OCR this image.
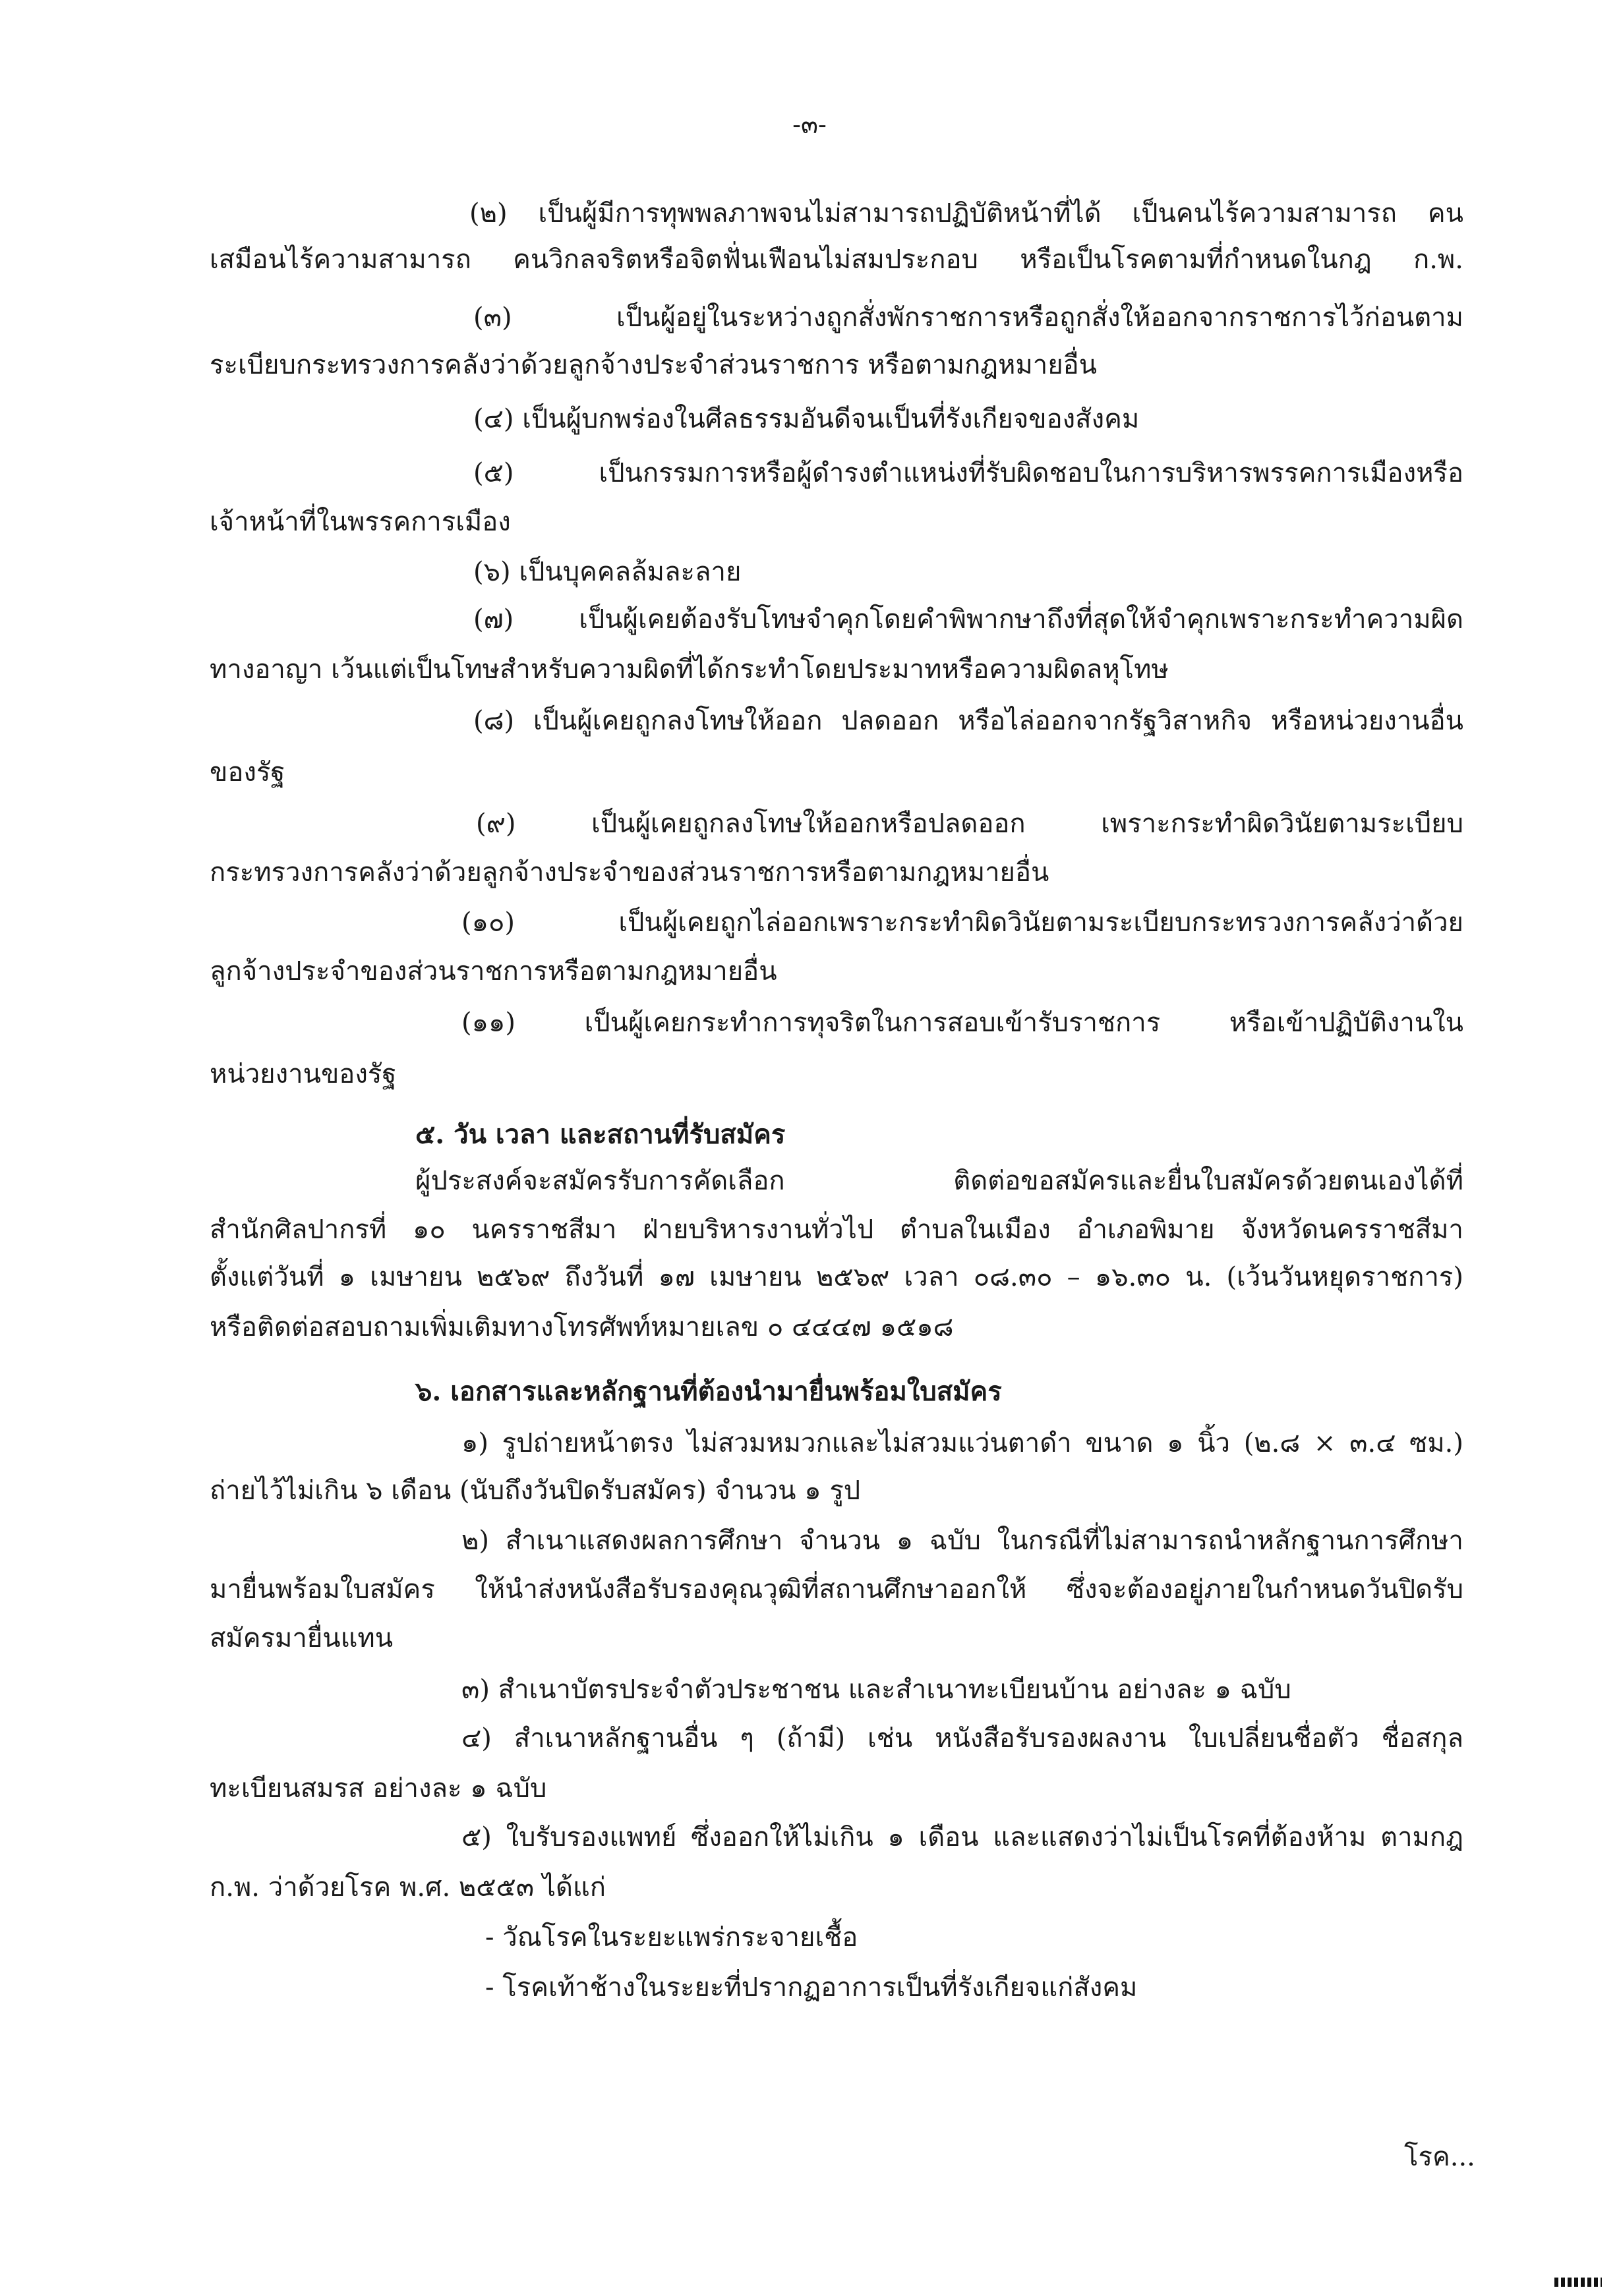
-๓-
(๒) เป็นผู้มีการทุพพลภาพจนไม่สามารถปฏิบัติหน้าที่ได้ เป็นคนไร้ความสามารถ คน
เสมือนไร้ความสามารถ คนวิกลจริตหรือจิตฟั่นเฟือนไม่สมประกอบ หรือเป็นโรคตามที่กำหนดในกฎ ก.พ.
(๓) เป็นผู้อยู่ในระหว่างถูกสั่งพักราชการหรือถูกสั่งให้ออกจากราชการไว้ก่อนตาม
ระเบียบกระทรวงการคลังว่าด้วยลูกจ้างประจำส่วนราชการ หรือตามกฎหมายอื่น
(๔) เป็นผู้บกพร่องในศีลธรรมอันดีจนเป็นที่รังเกียจของสังคม
(๕) เป็นกรรมการหรือผู้ดำรงตำแหน่งที่รับผิดชอบในการบริหารพรรคการเมืองหรือ
เจ้าหน้าที่ในพรรคการเมือง
(๖) เป็นบุคคลล้มละลาย
(๗) เป็นผู้เคยต้องรับโทษจำคุกโดยคำพิพากษาถึงที่สุดให้จำคุกเพราะกระทำความผิด
ทางอาญา เว้นแต่เป็นโทษสำหรับความผิดที่ได้กระทำโดยประมาทหรือความผิดลหุโทษ
(๘) เป็นผู้เคยถูกลงโทษให้ออก ปลดออก หรือไล่ออกจากรัฐวิสาหกิจ หรือหน่วยงานอื่น
ของรัฐ
(๙) เป็นผู้เคยถูกลงโทษให้ออกหรือปลดออก เพราะกระทำผิดวินัยตามระเบียบ
กระทรวงการคลังว่าด้วยลูกจ้างประจำของส่วนราชการหรือตามกฎหมายอื่น
(๑๐) เป็นผู้เคยถูกไล่ออกเพราะกระทำผิดวินัยตามระเบียบกระทรวงการคลังว่าด้วย
ลูกจ้างประจำของส่วนราชการหรือตามกฎหมายอื่น
(๑๑) เป็นผู้เคยกระทำการทุจริตในการสอบเข้ารับราชการ หรือเข้าปฏิบัติงานใน
หน่วยงานของรัฐ
๕. วัน เวลา และสถานที่รับสมัคร
ผู้ประสงค์จะสมัครรับการคัดเลือก ติดต่อขอสมัครและยื่นใบสมัครด้วยตนเองได้ที่
สำนักศิลปากรที่ ๑๐ นครราชสีมา ฝ่ายบริหารงานทั่วไป ตำบลในเมือง อำเภอพิมาย จังหวัดนครราชสีมา
ตั้งแต่วันที่ ๑ เมษายน ๒๕๖๙ ถึงวันที่ ๑๗ เมษายน ๒๕๖๙ เวลา ๐๘.๓๐ – ๑๖.๓๐ น. (เว้นวันหยุดราชการ)
หรือติดต่อสอบถามเพิ่มเติมทางโทรศัพท์หมายเลข ๐ ๔๔๔๗ ๑๕๑๘
๖. เอกสารและหลักฐานที่ต้องนำมายื่นพร้อมใบสมัคร
๑) รูปถ่ายหน้าตรง ไม่สวมหมวกและไม่สวมแว่นตาดำ ขนาด ๑ นิ้ว (๒.๘ × ๓.๔ ซม.)
ถ่ายไว้ไม่เกิน ๖ เดือน (นับถึงวันปิดรับสมัคร) จำนวน ๑ รูป
๒) สำเนาแสดงผลการศึกษา จำนวน ๑ ฉบับ ในกรณีที่ไม่สามารถนำหลักฐานการศึกษา
มายื่นพร้อมใบสมัคร ให้นำส่งหนังสือรับรองคุณวุฒิที่สถานศึกษาออกให้ ซึ่งจะต้องอยู่ภายในกำหนดวันปิดรับ
สมัครมายื่นแทน
๓) สำเนาบัตรประจำตัวประชาชน และสำเนาทะเบียนบ้าน อย่างละ ๑ ฉบับ
๔) สำเนาหลักฐานอื่น ๆ (ถ้ามี) เช่น หนังสือรับรองผลงาน ใบเปลี่ยนชื่อตัว ชื่อสกุล
ทะเบียนสมรส อย่างละ ๑ ฉบับ
๕) ใบรับรองแพทย์ ซึ่งออกให้ไม่เกิน ๑ เดือน และแสดงว่าไม่เป็นโรคที่ต้องห้าม ตามกฎ
ก.พ. ว่าด้วยโรค พ.ศ. ๒๕๕๓ ได้แก่
- วัณโรคในระยะแพร่กระจายเชื้อ
- โรคเท้าช้างในระยะที่ปรากฏอาการเป็นที่รังเกียจแก่สังคม
โรค...
